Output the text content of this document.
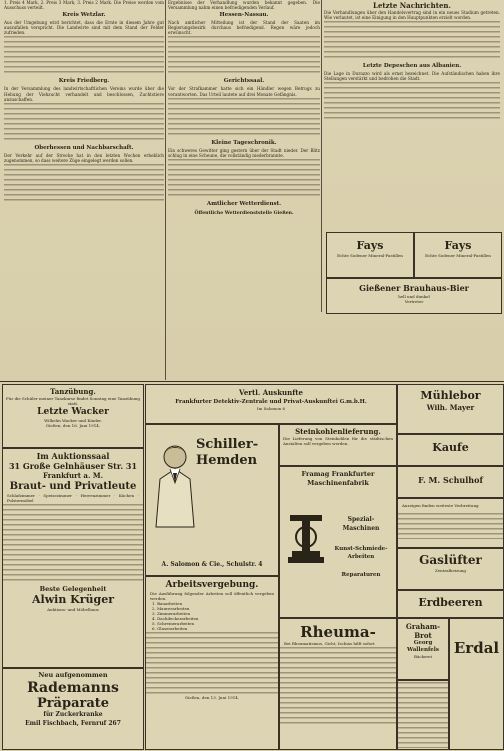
1. Preis 4 Mark, 2. Preis 3 Mark, 3. Preis 2 Mark. Die Preise werden vom Ausschuss verteilt.
Kreis Wetzlar.
Aus der Umgebung wird berichtet, dass die Ernte in diesem Jahre gut auszufallen verspricht. Die Landwirte sind mit dem Stand der Felder zufrieden.
Kreis Friedberg.
In der Versammlung des landwirtschaftlichen Vereins wurde über die Hebung der Viehzucht verhandelt und beschlossen, Zuchtstiere anzuschaffen.
Oberhessen und Nachbarschaft.
Der Verkehr auf der Strecke hat in den letzten Wochen erheblich zugenommen, so dass weitere Züge eingelegt werden sollen.
Ergebnisse der Verhandlung wurden bekannt gegeben. Die Versammlung nahm einen befriedigenden Verlauf.
Hessen-Nassau.
Nach amtlicher Mitteilung ist der Stand der Saaten im Regierungsbezirk durchaus befriedigend. Regen wäre jedoch erwünscht.
Gerichtssaal.
Vor der Strafkammer hatte sich ein Händler wegen Betrugs zu verantworten. Das Urteil lautete auf drei Monate Gefängnis.
Kleine Tageschronik.
Ein schweres Gewitter ging gestern über der Stadt nieder. Der Blitz schlug in eine Scheune, die vollständig niederbrannte.
Amtlicher Wetterdienst.
Öffentliche Wetterdienststelle Gießen.
Letzte Nachrichten.
Die Verhandlungen über den Handelsvertrag sind in ein neues Stadium getreten. Wie verlautet, ist eine Einigung in den Hauptpunkten erzielt worden.
Letzte Depeschen aus Albanien.
Die Lage in Durazzo wird als ernst bezeichnet. Die Aufständischen haben ihre Stellungen verstärkt und bedrohen die Stadt.
Fays
Echte Sodener Mineral-Pastillen
Fays
Echte Sodener Mineral-Pastillen
Gießener Brauhaus-Bier
hell und dunkel
Vertreter
Tanzübung.
Für die Schüler meiner Tanzkurse findet Sonntag eine Tanzübung statt.
Letzte Wacker
Wilhelm Wacker und Kinder.
Gießen, den 16. Juni 1914.
Im Auktionssaal
31 Große Gelnhäuser Str. 31
Frankfurt a. M.
Braut- und Privatleute
Schlafzimmer · Speisezimmer · Herrenzimmer · Küchen · Polstermöbel
Beste Gelegenheit
Alwin Krüger
Auktions- und Möbelhaus
Neu aufgenommen
Rademanns
Präparate
für Zuckerkranke
Emil Fischbach, Fernruf 267
Vertl. Auskunfte
Frankfurter Detektiv-Zentrale und Privat-Auskunftei G.m.b.H.
Im Salomon 6
Schiller-
Hemden
A. Salomon & Cie., Schulstr. 4
Arbeitsvergebung.
Die Ausführung folgender Arbeiten soll öffentlich vergeben werden.
1. Bauarbeiten
2. Maurerarbeiten
3. Zimmerarbeiten
4. Dachdeckerarbeiten
5. Schreinerarbeiten
6. Glaserarbeiten
Gießen, den 13. Juni 1914.
Steinkohlenlieferung.
Die Lieferung von Steinkohlen für die städtischen Anstalten soll vergeben werden.
Framag Frankfurter Maschinenfabrik
Spezial-Maschinen
Kunst-Schmiede-Arbeiten
Reparaturen
Rheuma-
Bei Rheumatismus, Gicht, Ischias hilft sofort
Mühlebor
Wilh. Mayer
Kaufe
F. M. Schulhof
Anzeigen finden weiteste Verbreitung
Gaslüfter
Zentralheizung
Erdbeeren
Graham-Brot
Georg Wallenfels
Bäckerei	Erdal
